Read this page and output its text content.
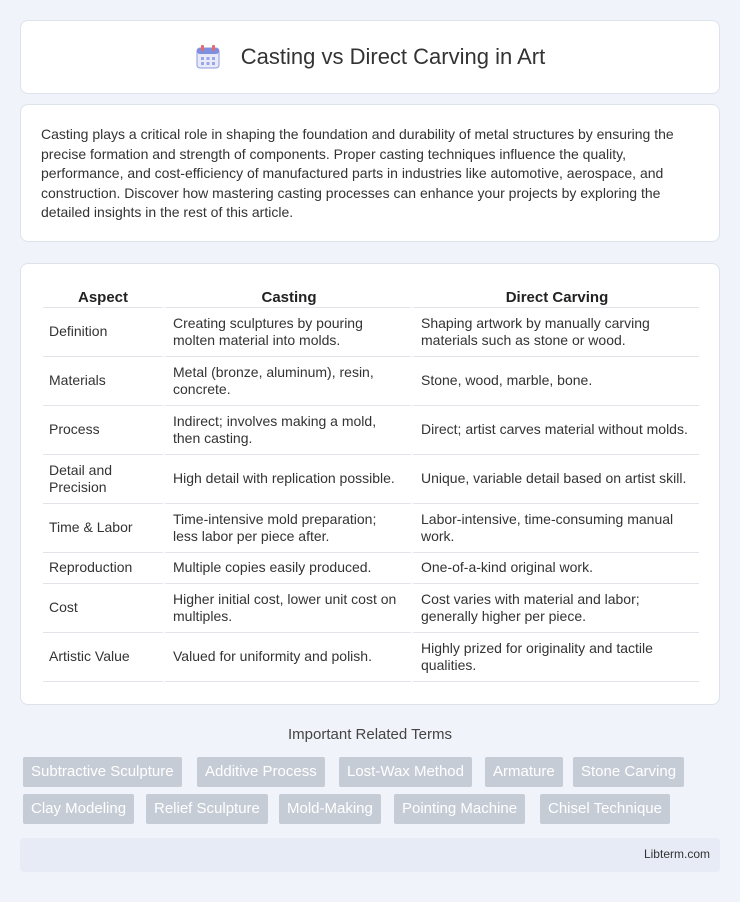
Casting vs Direct Carving in Art

Casting plays a critical role in shaping the foundation and durability of metal structures by ensuring the precise formation and strength of components. Proper casting techniques influence the quality, performance, and cost-efficiency of manufactured parts in industries like automotive, aerospace, and construction. Discover how mastering casting processes can enhance your projects by exploring the detailed insights in the rest of this article.

Aspect	Casting	Direct Carving
Definition	Creating sculptures by pouring molten material into molds.	Shaping artwork by manually carving materials such as stone or wood.
Materials	Metal (bronze, aluminum), resin, concrete.	Stone, wood, marble, bone.
Process	Indirect; involves making a mold, then casting.	Direct; artist carves material without molds.
Detail and Precision	High detail with replication possible.	Unique, variable detail based on artist skill.
Time & Labor	Time-intensive mold preparation; less labor per piece after.	Labor-intensive, time-consuming manual work.
Reproduction	Multiple copies easily produced.	One-of-a-kind original work.
Cost	Higher initial cost, lower unit cost on multiples.	Cost varies with material and labor; generally higher per piece.
Artistic Value	Valued for uniformity and polish.	Highly prized for originality and tactile qualities.
Important Related Terms
Subtractive Sculpture	Additive Process	Lost-Wax Method	Armature	Stone Carving
Clay Modeling	Relief Sculpture	Mold-Making	Pointing Machine	Chisel Technique
Libterm.com
